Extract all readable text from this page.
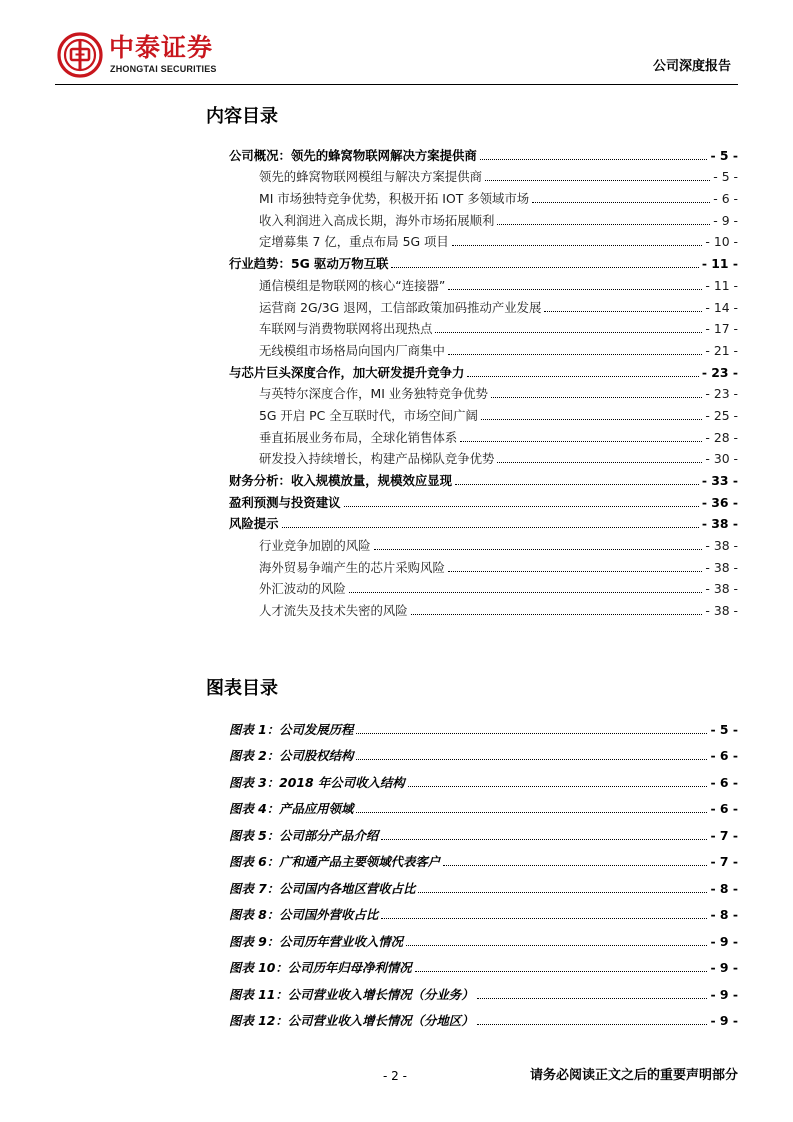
中泰证券
ZHONGTAI SECURITIES	公司深度报告
内容目录
公司概况：领先的蜂窝物联网解决方案提供商	- 5 -
领先的蜂窝物联网模组与解决方案提供商	- 5 -
MI 市场独特竞争优势，积极开拓 IOT 多领域市场	- 6 -
收入利润进入高成长期，海外市场拓展顺利	- 9 -
定增募集 7 亿，重点布局 5G 项目	- 10 -
行业趋势：5G 驱动万物互联	- 11 -
通信模组是物联网的核心“连接器”	- 11 -
运营商 2G/3G 退网，工信部政策加码推动产业发展	- 14 -
车联网与消费物联网将出现热点	- 17 -
无线模组市场格局向国内厂商集中	- 21 -
与芯片巨头深度合作，加大研发提升竞争力	- 23 -
与英特尔深度合作，MI 业务独特竞争优势	- 23 -
5G 开启 PC 全互联时代，市场空间广阔	- 25 -
垂直拓展业务布局，全球化销售体系	- 28 -
研发投入持续增长，构建产品梯队竞争优势	- 30 -
财务分析：收入规模放量，规模效应显现	- 33 -
盈利预测与投资建议	- 36 -
风险提示	- 38 -
行业竞争加剧的风险	- 38 -
海外贸易争端产生的芯片采购风险	- 38 -
外汇波动的风险	- 38 -
人才流失及技术失密的风险	- 38 -
图表目录
图表 1：公司发展历程	- 5 -
图表 2：公司股权结构	- 6 -
图表 3：2018 年公司收入结构	- 6 -
图表 4：产品应用领域	- 6 -
图表 5：公司部分产品介绍	- 7 -
图表 6：广和通产品主要领域代表客户	- 7 -
图表 7：公司国内各地区营收占比	- 8 -
图表 8：公司国外营收占比	- 8 -
图表 9：公司历年营业收入情况	- 9 -
图表 10：公司历年归母净利情况	- 9 -
图表 11：公司营业收入增长情况（分业务）	- 9 -
图表 12：公司营业收入增长情况（分地区）	- 9 -
- 2 -	请务必阅读正文之后的重要声明部分
